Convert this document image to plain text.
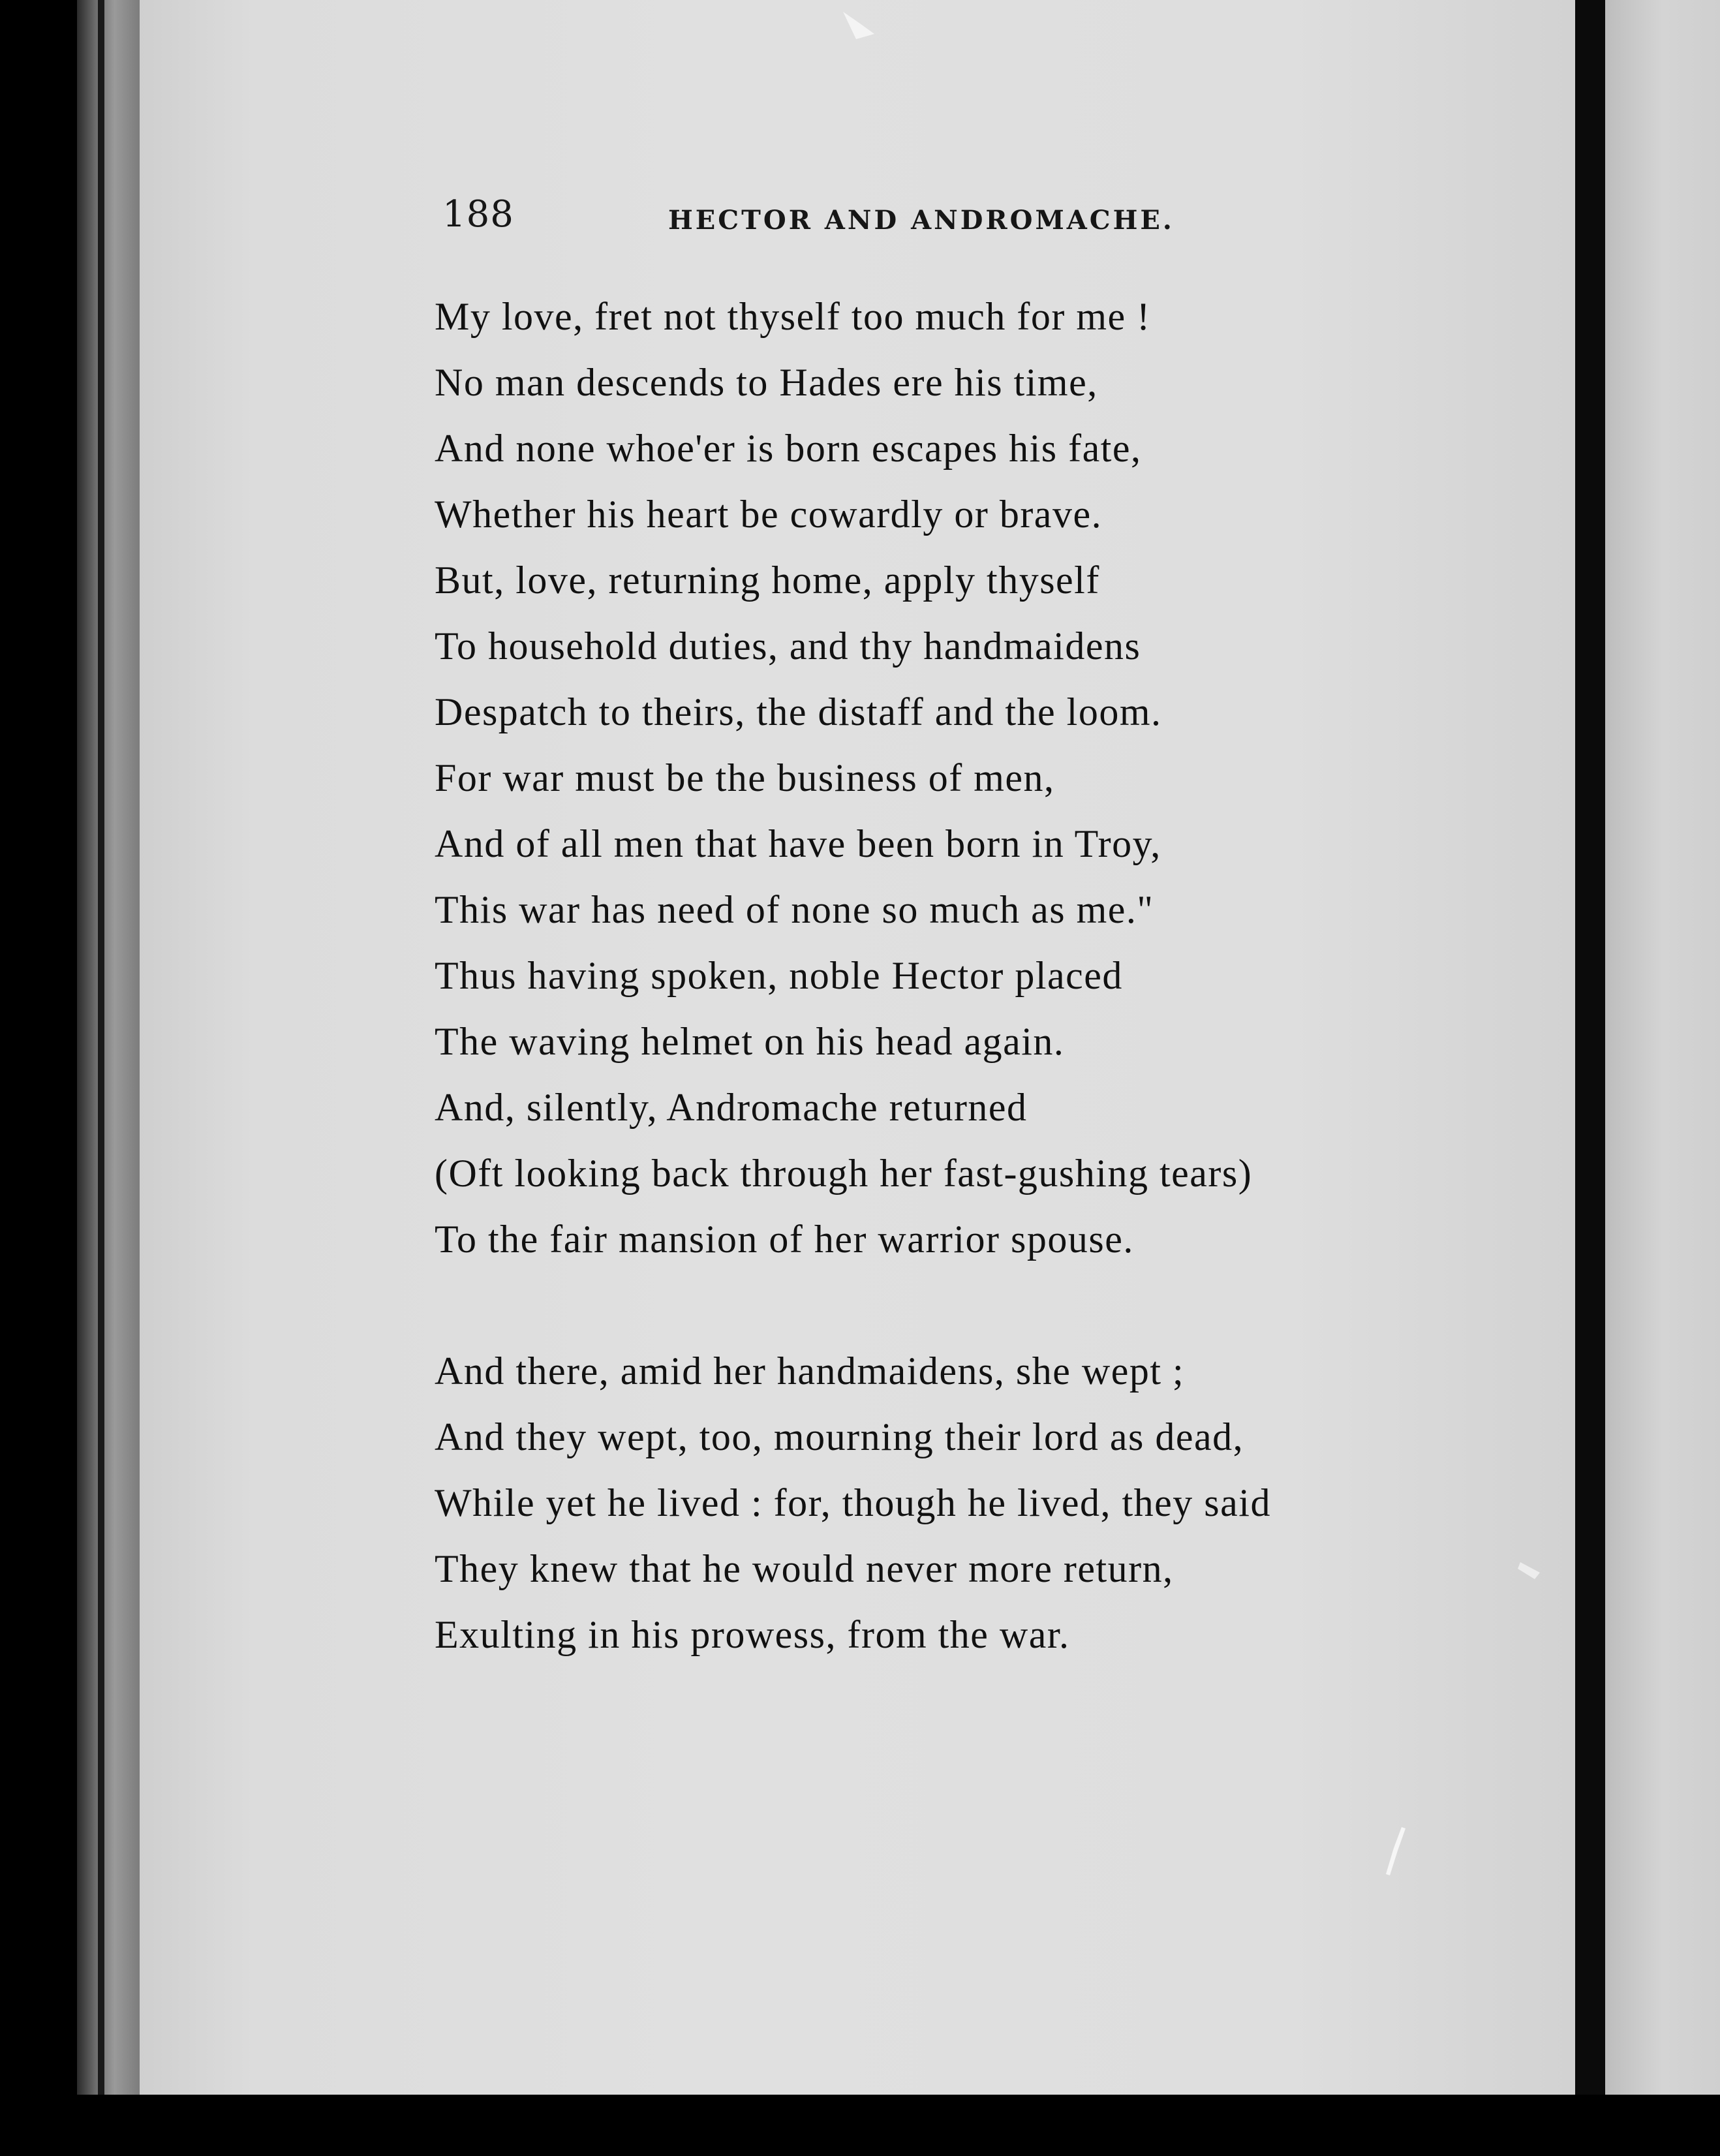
188	HECTOR AND ANDROMACHE.
My love, fret not thyself too much for me !
No man descends to Hades ere his time,
And none whoe'er is born escapes his fate,
Whether his heart be cowardly or brave.
But, love, returning home, apply thyself
To household duties, and thy handmaidens
Despatch to theirs, the distaff and the loom.
For war must be the business of men,
And of all men that have been born in Troy,
This war has need of none so much as me."
Thus having spoken, noble Hector placed
The waving helmet on his head again.
And, silently, Andromache returned
(Oft looking back through her fast-gushing tears)
To the fair mansion of her warrior spouse.
And there, amid her handmaidens, she wept ;
And they wept, too, mourning their lord as dead,
While yet he lived : for, though he lived, they said
They knew that he would never more return,
Exulting in his prowess, from the war.
